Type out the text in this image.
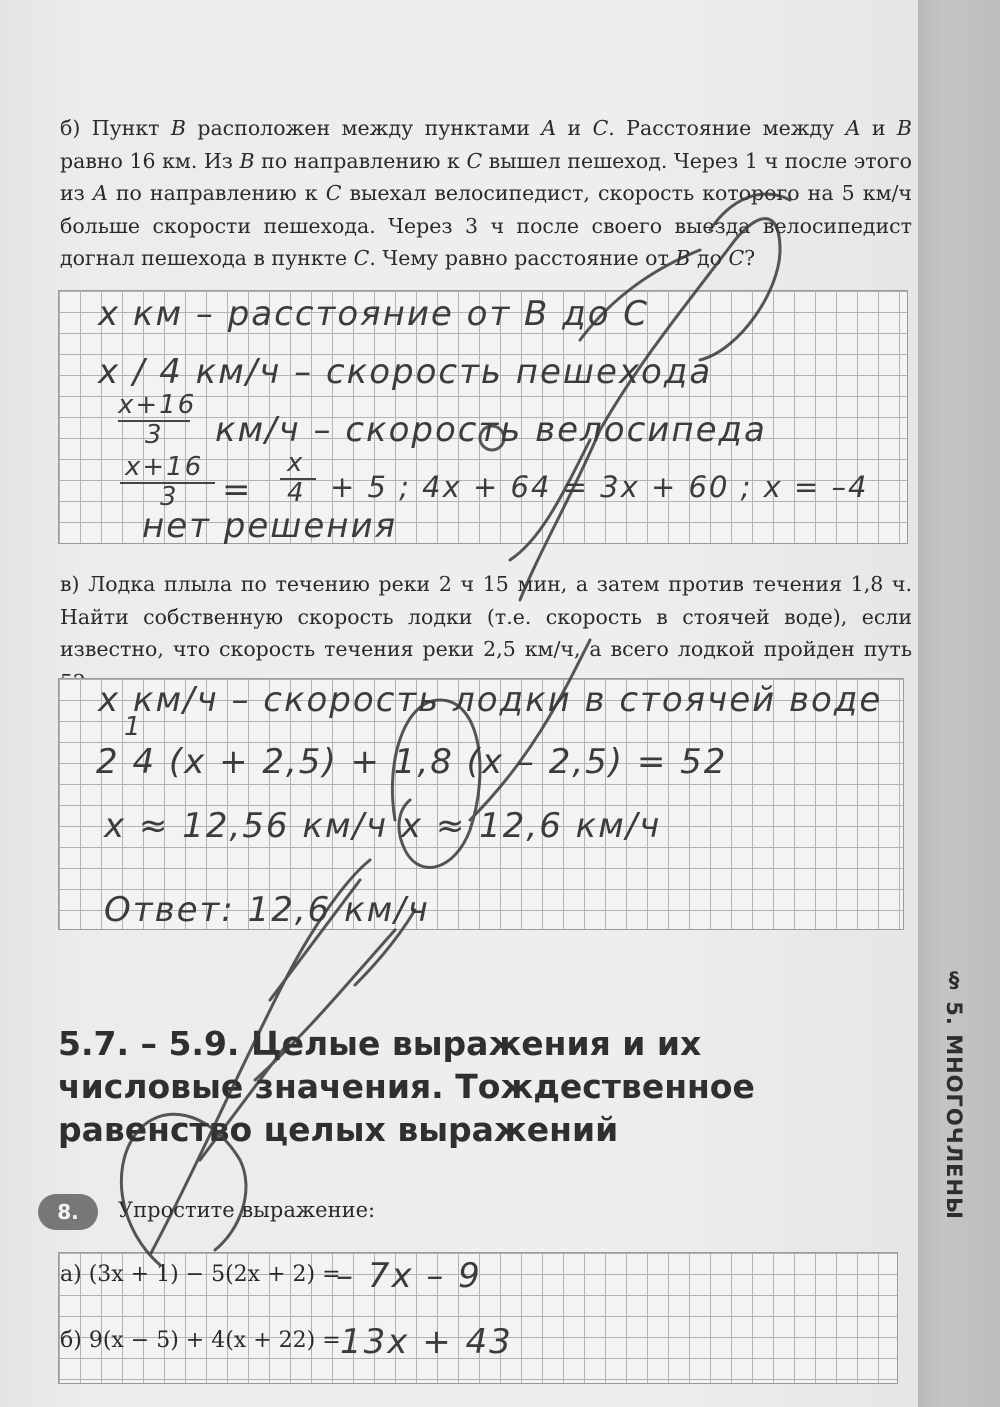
§ 5. МНОГОЧЛЕНЫ
б) Пункт B расположен между пунктами A и C. Расстояние между A и B равно 16 км. Из B по направлению к C вышел пешеход. Через 1 ч после этого из A по направлению к C выехал велосипедист, скорость которого на 5 км/ч больше скорости пешехода. Через 3 ч после своего выезда велосипедист догнал пешехода в пункте C. Чему равно расстояние от B до C?
x км – расстояние от B до C
x / 4 км/ч – скорость пешехода
x+16
3 км/ч – скорость велосипеда
x+16
3 =
x
4 + 5 ; 4x + 64 = 3x + 60 ; x = –4
нет решения
в) Лодка плыла по течению реки 2 ч 15 мин, а затем против течения 1,8 ч. Найти собственную скорость лодки (т.е. скорость в стоячей воде), если известно, что скорость течения реки 2,5 км/ч, а всего лодкой пройден путь
x км/ч – скорость лодки в стоячей воде
1
2 4 (x + 2,5) + 1,8 (x – 2,5) = 52
x ≈ 12,56 км/ч x ≈ 12,6 км/ч
Ответ: 12,6 км/ч
5.7. – 5.9. Целые выражения и их числовые значения. Тождественное равенство целых выражений
8.	Упростите выражение:
а) (3x + 1) − 5(2x + 2) =
– 7x – 9
б) 9(x − 5) + 4(x + 22) = 13x + 43
